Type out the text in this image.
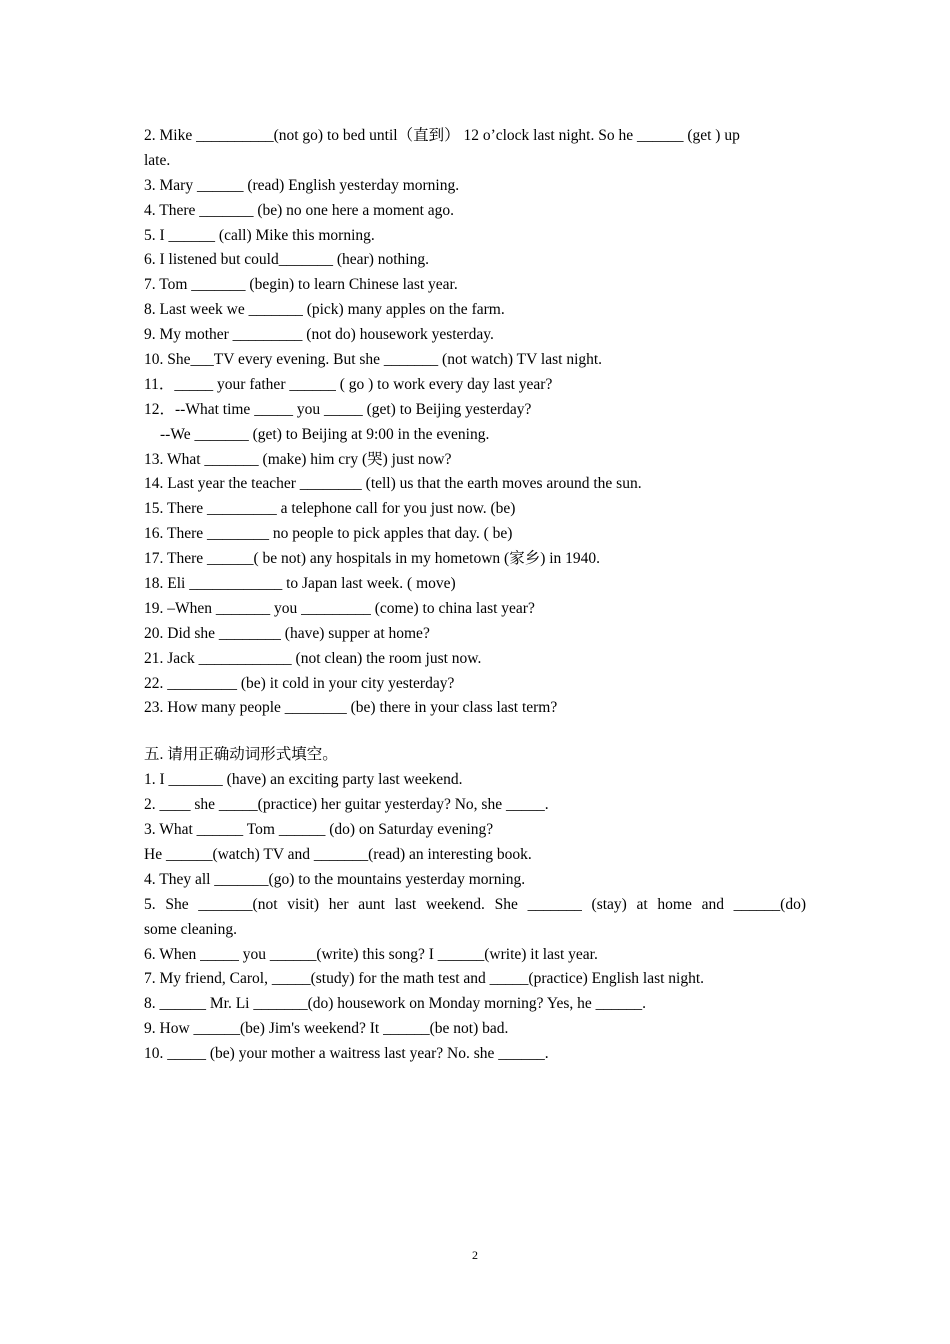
2. Mike __________(not go) to bed until（直到） 12 o’clock last night. So he ______ (get ) up
late.
3. Mary ______ (read) English yesterday morning.
4. There _______ (be) no one here a moment ago.
5. I ______ (call) Mike this morning.
6. I listened but could_______ (hear) nothing.
7. Tom _______ (begin) to learn Chinese last year.
8. Last week we _______ (pick) many apples on the farm.
9. My mother _________ (not do) housework yesterday.
10. She___TV every evening. But she _______ (not watch) TV last night.
11．_____ your father ______ ( go ) to work every day last year?
12．--What time _____ you _____ (get) to Beijing yesterday?
--We _______ (get) to Beijing at 9:00 in the evening.
13. What _______ (make) him cry (哭) just now?
14. Last year the teacher ________ (tell) us that the earth moves around the sun.
15. There _________ a telephone call for you just now. (be)
16. There ________ no people to pick apples that day. ( be)
17. There ______( be not) any hospitals in my hometown (家乡) in 1940.
18. Eli ____________ to Japan last week. ( move)
19. –When _______ you _________ (come) to china last year?
20. Did she ________ (have) supper at home?
21. Jack ____________ (not clean) the room just now.
22. _________ (be) it cold in your city yesterday?
23. How many people ________ (be) there in your class last term?
五. 请用正确动词形式填空。
1. I _______ (have) an exciting party last weekend.
2. ____ she _____(practice) her guitar yesterday? No, she _____.
3. What ______ Tom ______ (do) on Saturday evening?
He ______(watch) TV and _______(read) an interesting book.
4. They all _______(go) to the mountains yesterday morning.
5. She _______(not visit) her aunt last weekend. She _______ (stay) at home and ______(do)
some cleaning.
6. When _____ you ______(write) this song? I ______(write) it last year.
7. My friend, Carol, _____(study) for the math test and _____(practice) English last night.
8. ______ Mr. Li _______(do) housework on Monday morning? Yes, he ______.
9. How ______(be) Jim's weekend? It ______(be not) bad.
10. _____ (be) your mother a waitress last year? No. she ______.
2
